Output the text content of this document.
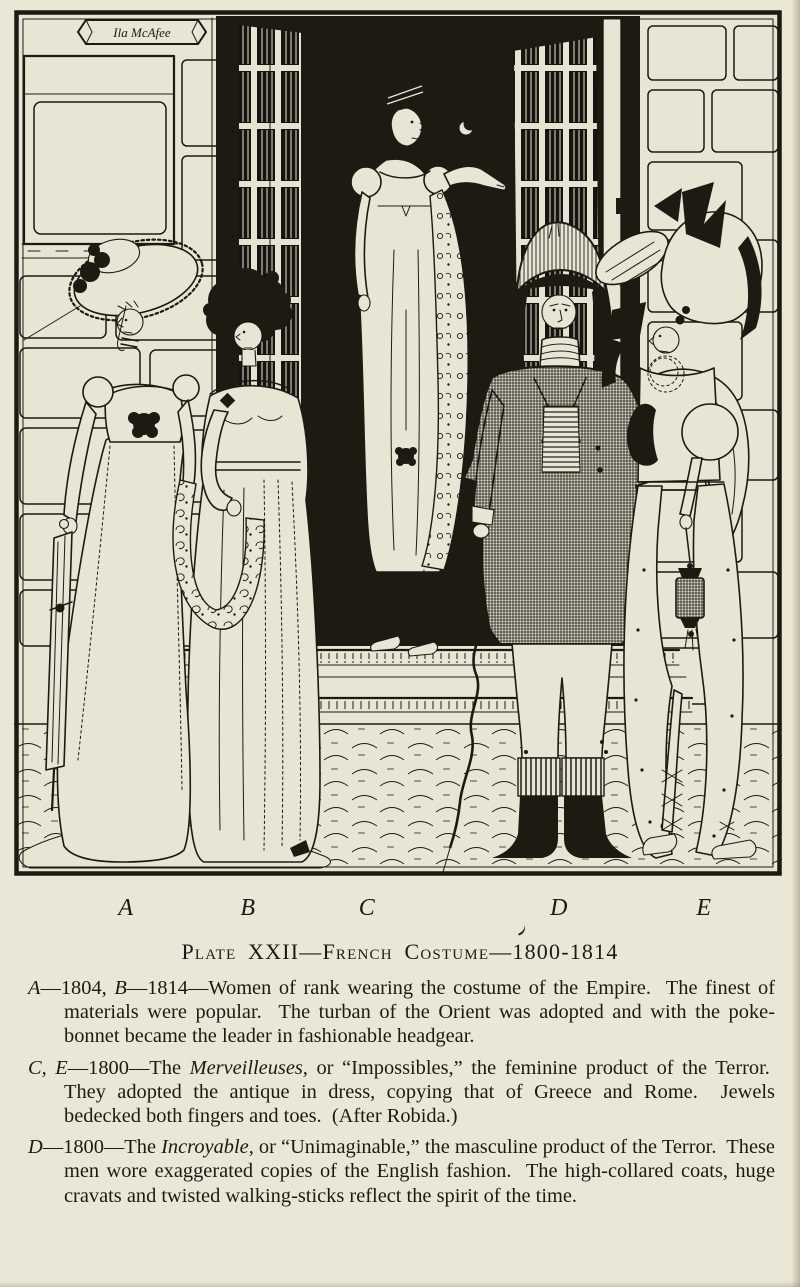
Ila McAfee
A	B	C	D	E
Plate XXII—French Costume—1800-1814

A—1804, B—1814—Women of rank wearing the costume of the Empire.  The finest of materials were popular.  The turban of the Orient was adopted and with the poke-bonnet became the leader in fashionable headgear.

C, E—1800—The Merveilleuses, or “Impossibles,” the feminine product of the Terror.  They adopted the antique in dress, copying that of Greece and Rome.  Jewels bedecked both fingers and toes.  (After Robida.)

D—1800—The Incroyable, or “Unimaginable,” the masculine product of the Terror.  These men wore exaggerated copies of the English fashion.  The high-collared coats, huge cravats and twisted walking-sticks reflect the spirit of the time.
